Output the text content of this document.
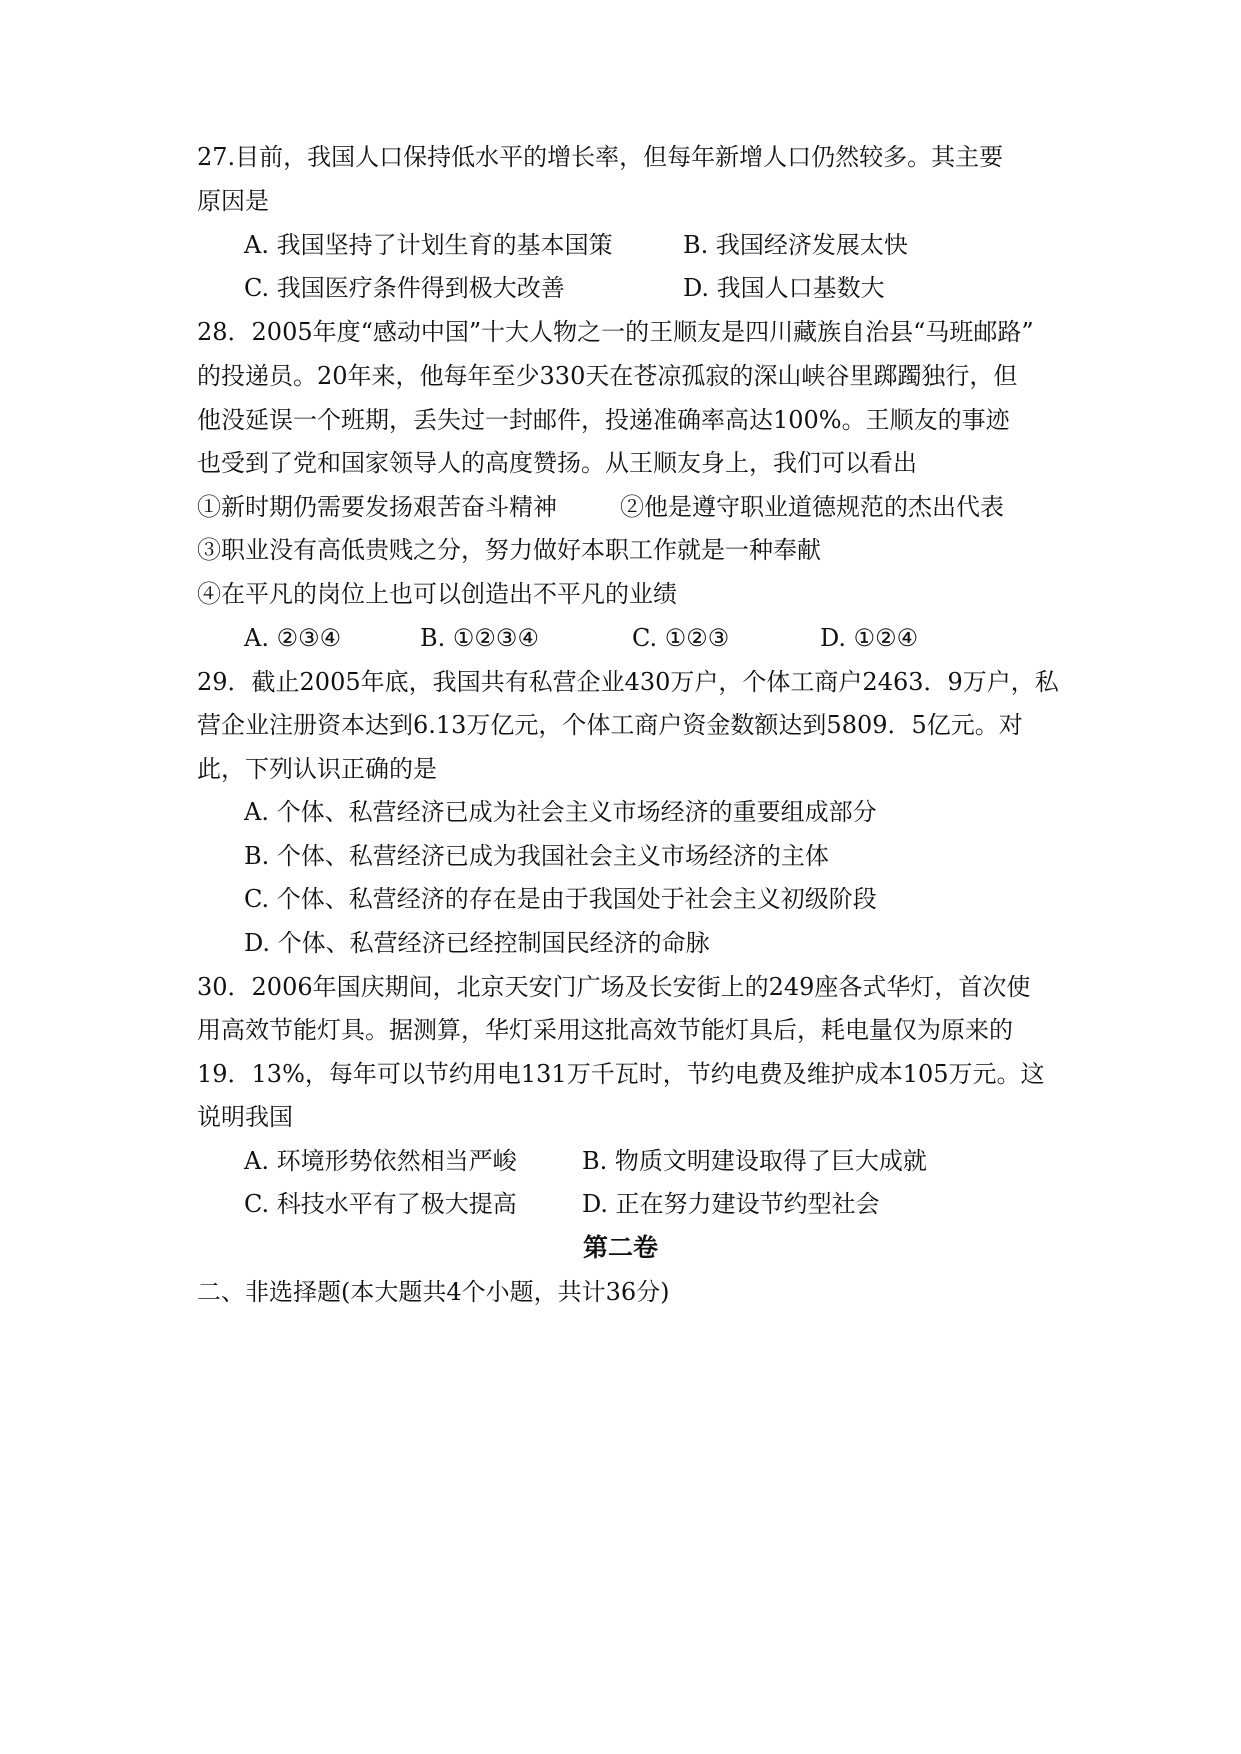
27.目前，我国人口保持低水平的增长率，但每年新增人口仍然较多。其主要
原因是
A. 我国坚持了计划生育的基本国策	B. 我国经济发展太快
C. 我国医疗条件得到极大改善	D. 我国人口基数大
28．2005年度“感动中国”十大人物之一的王顺友是四川藏族自治县“马班邮路”
的投递员。20年来，他每年至少330天在苍凉孤寂的深山峡谷里踯躅独行，但
他没延误一个班期，丢失过一封邮件，投递准确率高达100%。王顺友的事迹
也受到了党和国家领导人的高度赞扬。从王顺友身上，我们可以看出
①新时期仍需要发扬艰苦奋斗精神	②他是遵守职业道德规范的杰出代表
③职业没有高低贵贱之分，努力做好本职工作就是一种奉献
④在平凡的岗位上也可以创造出不平凡的业绩
A. ②③④	B. ①②③④	C. ①②③	D. ①②④
29．截止2005年底，我国共有私营企业430万户，个体工商户2463．9万户，私
营企业注册资本达到6.13万亿元，个体工商户资金数额达到5809．5亿元。对
此，下列认识正确的是
A. 个体、私营经济已成为社会主义市场经济的重要组成部分
B. 个体、私营经济已成为我国社会主义市场经济的主体
C. 个体、私营经济的存在是由于我国处于社会主义初级阶段
D. 个体、私营经济已经控制国民经济的命脉
30．2006年国庆期间，北京天安门广场及长安街上的249座各式华灯，首次使
用高效节能灯具。据测算，华灯采用这批高效节能灯具后，耗电量仅为原来的
19．13%，每年可以节约用电131万千瓦时，节约电费及维护成本105万元。这
说明我国
A. 环境形势依然相当严峻	B. 物质文明建设取得了巨大成就
C. 科技水平有了极大提高	D. 正在努力建设节约型社会
第二卷
二、非选择题(本大题共4个小题，共计36分)
